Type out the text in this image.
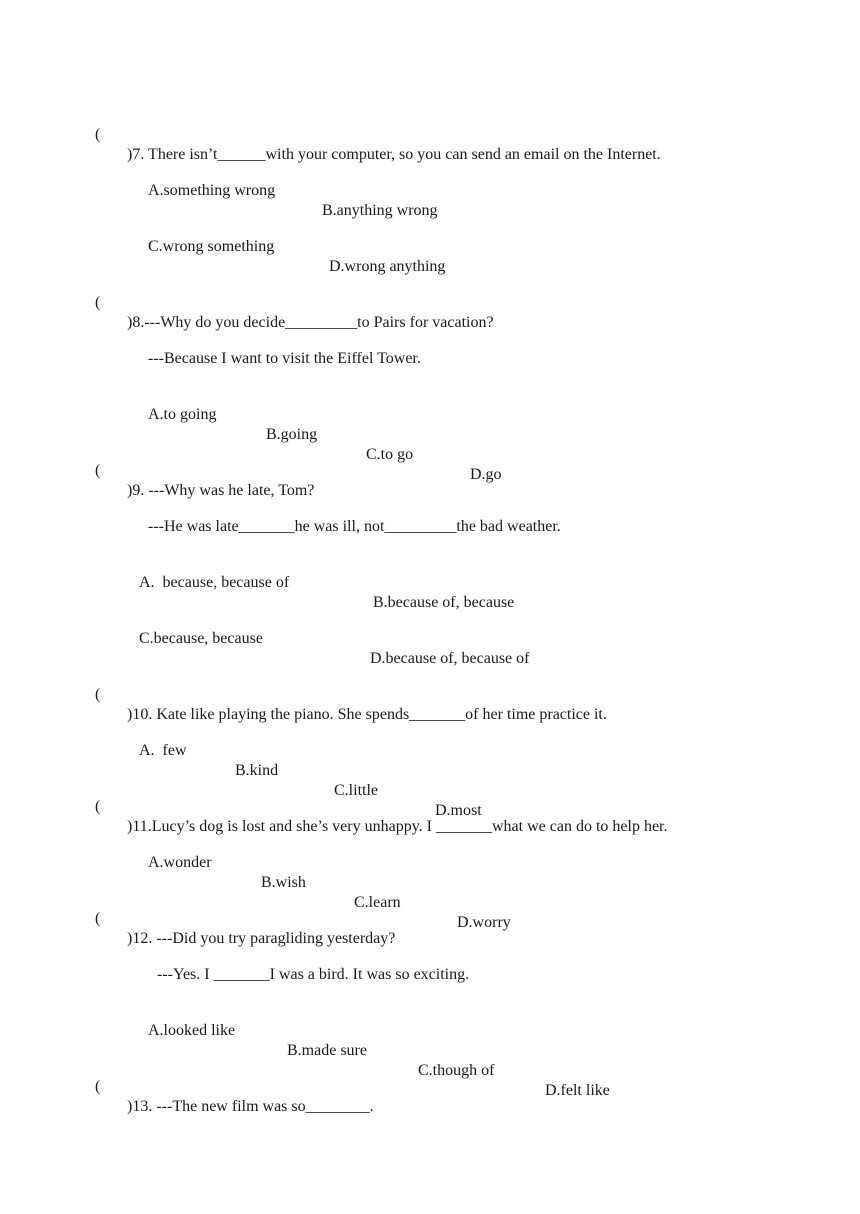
(

)7. There isn’t______with your computer, so you can send an email on the Internet.

A.something wrong

B.anything wrong

C.wrong something

D.wrong anything

(

)8.---Why do you decide_________to Pairs for vacation?

---Because I want to visit the Eiffel Tower.

A.to going

B.going

C.to go

D.go

(

)9. ---Why was he late, Tom?

---He was late_______he was ill, not_________the bad weather.

A.  because, because of

B.because of, because

C.because, because

D.because of, because of

(

)10. Kate like playing the piano. She spends_______of her time practice it.

A.  few

B.kind

C.little

D.most

(

)11.Lucy’s dog is lost and she’s very unhappy. I _______what we can do to help her.

A.wonder

B.wish

C.learn

D.worry

(

)12. ---Did you try paragliding yesterday?

---Yes. I _______I was a bird. It was so exciting.

A.looked like

B.made sure

C.though of

D.felt like

(

)13. ---The new film was so________.
